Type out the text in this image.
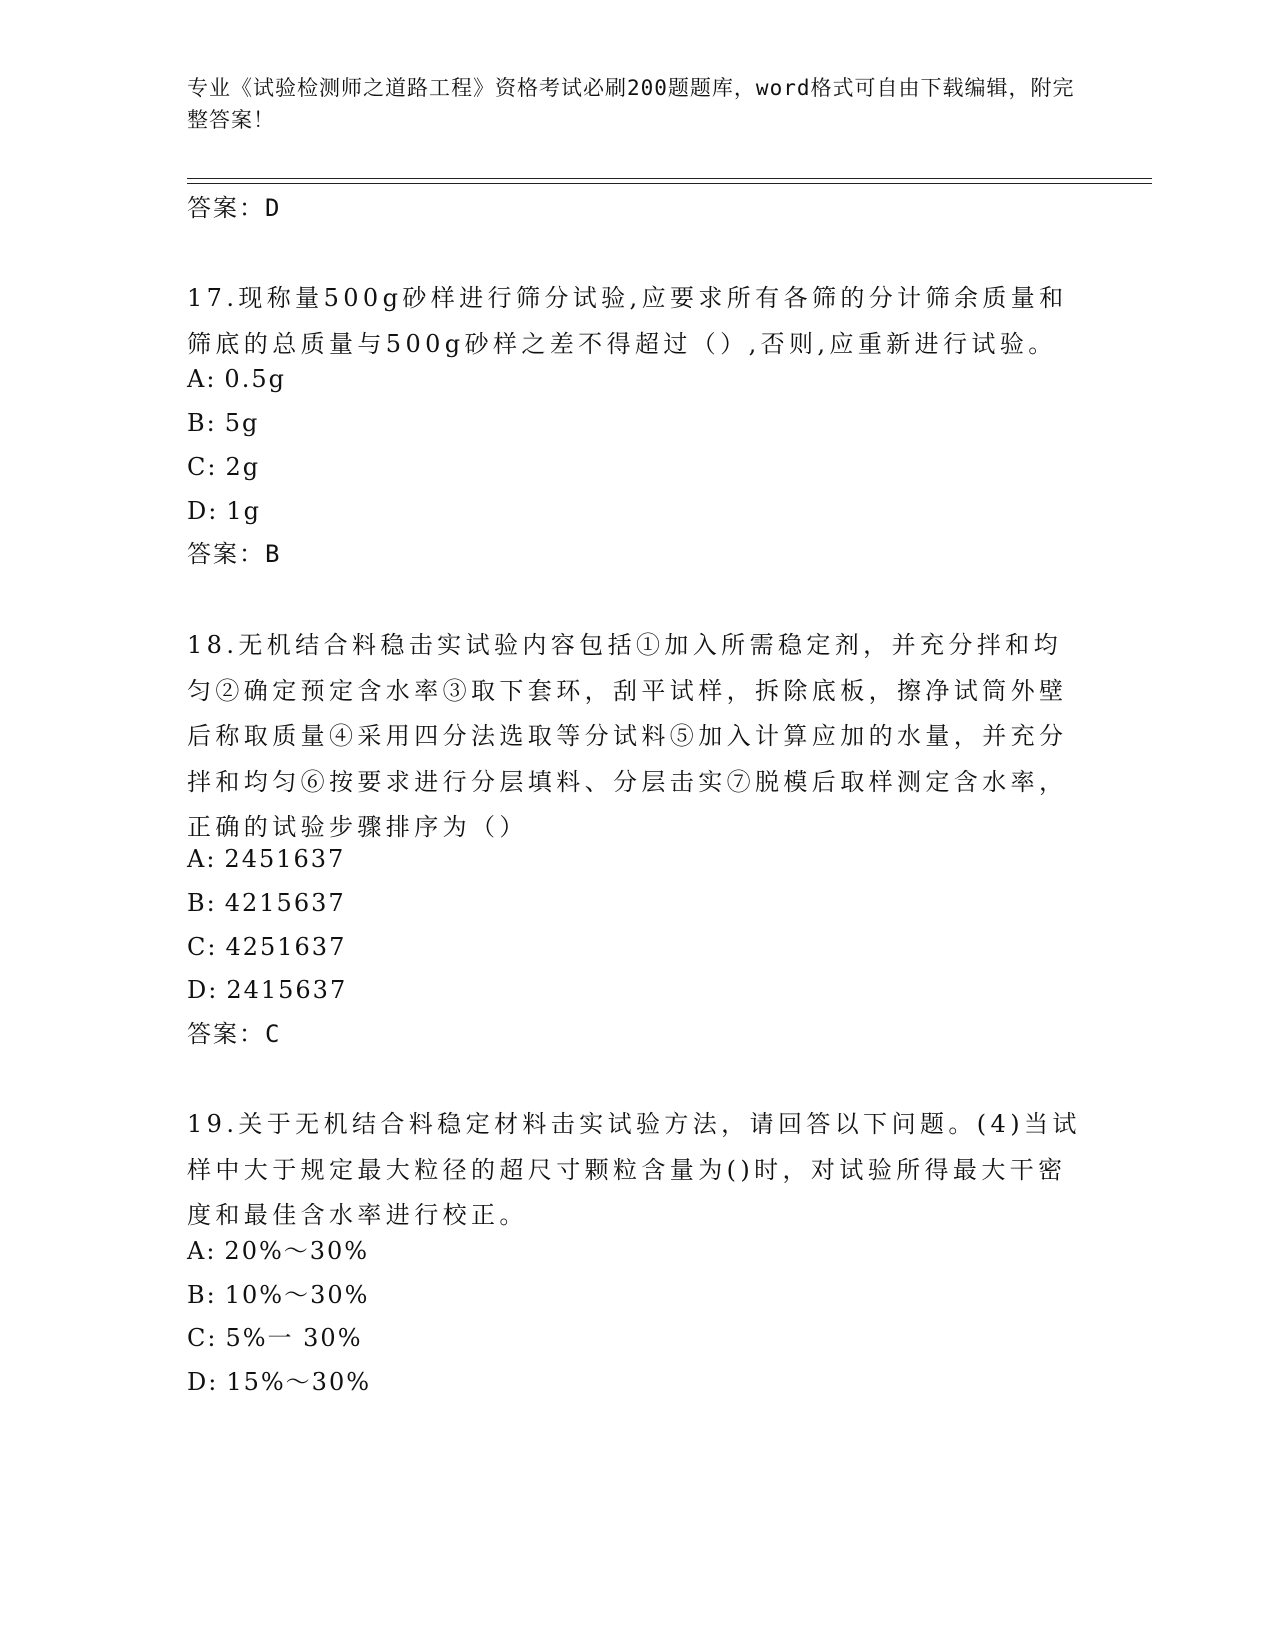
专业《试验检测师之道路工程》资格考试必刷200题题库，word格式可自由下载编辑，附完整答案！
答案：D
17.现称量500g砂样进行筛分试验,应要求所有各筛的分计筛余质量和筛底的总质量与500g砂样之差不得超过（）,否则,应重新进行试验。
A: 0.5g
B: 5g
C: 2g
D: 1g
答案：B
18.无机结合料稳击实试验内容包括①加入所需稳定剂，并充分拌和均匀②确定预定含水率③取下套环，刮平试样，拆除底板，擦净试筒外壁后称取质量④采用四分法选取等分试料⑤加入计算应加的水量，并充分拌和均匀⑥按要求进行分层填料、分层击实⑦脱模后取样测定含水率，正确的试验步骤排序为（）
A: 2451637
B: 4215637
C: 4251637
D: 2415637
答案：C
19.关于无机结合料稳定材料击实试验方法，请回答以下问题。(4)当试样中大于规定最大粒径的超尺寸颗粒含量为()时，对试验所得最大干密度和最佳含水率进行校正。
A: 20%～30%
B: 10%～30%
C: 5%一 30%
D: 15%～30%
